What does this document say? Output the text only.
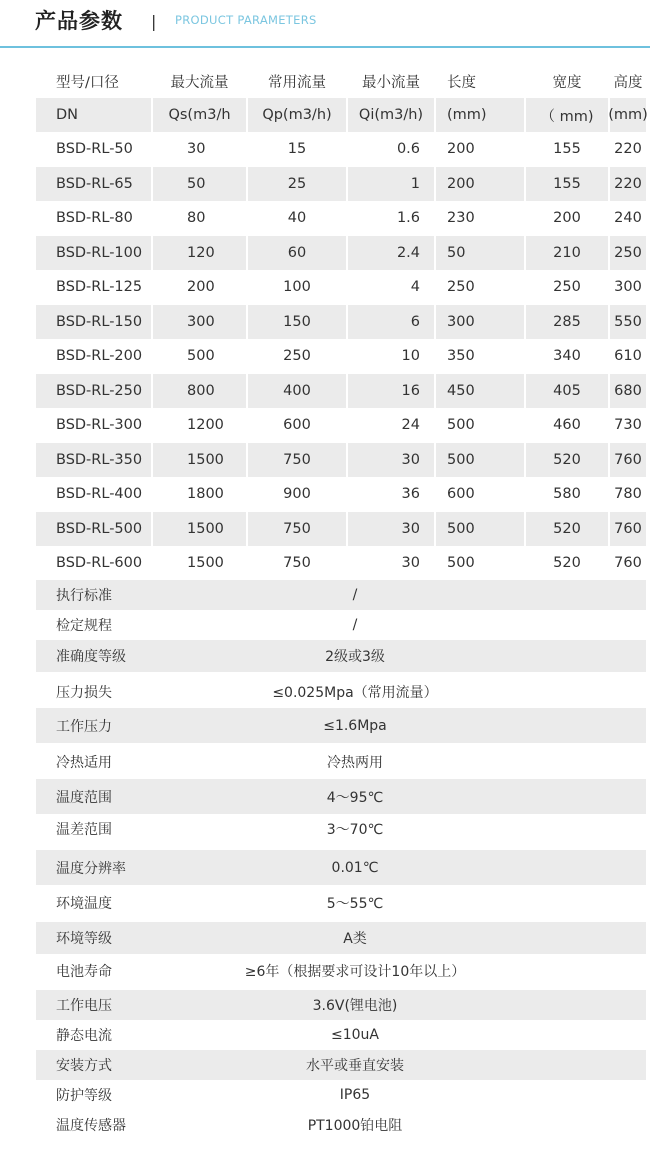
产品参数 | PRODUCT PARAMETERS
型号/口径	最大流量	常用流量	最小流量	长度	宽度	高度
DN	Qs(m3/h	Qp(m3/h)	Qi(m3/h)	(mm)	（ mm)	(mm)
BSD-RL-50	30	15	0.6	200	155	220
BSD-RL-65	50	25	1	200	155	220
BSD-RL-80	80	40	1.6	230	200	240
BSD-RL-100	120	60	2.4	50	210	250
BSD-RL-125	200	100	4	250	250	300
BSD-RL-150	300	150	6	300	285	550
BSD-RL-200	500	250	10	350	340	610
BSD-RL-250	800	400	16	450	405	680
BSD-RL-300	1200	600	24	500	460	730
BSD-RL-350	1500	750	30	500	520	760
BSD-RL-400	1800	900	36	600	580	780
BSD-RL-500	1500	750	30	500	520	760
BSD-RL-600	1500	750	30	500	520	760
执行标准	/
检定规程	/
准确度等级	2级或3级
压力损失	≤0.025Mpa（常用流量）
工作压力	≤1.6Mpa
冷热适用	冷热两用
温度范围	4～95℃
温差范围	3～70℃
温度分辨率	0.01℃
环境温度	5～55℃
环境等级	A类
电池寿命	≥6年（根据要求可设计10年以上）
工作电压	3.6V(锂电池)
静态电流	≤10uA
安装方式	水平或垂直安装
防护等级	IP65
温度传感器	PT1000铂电阻
